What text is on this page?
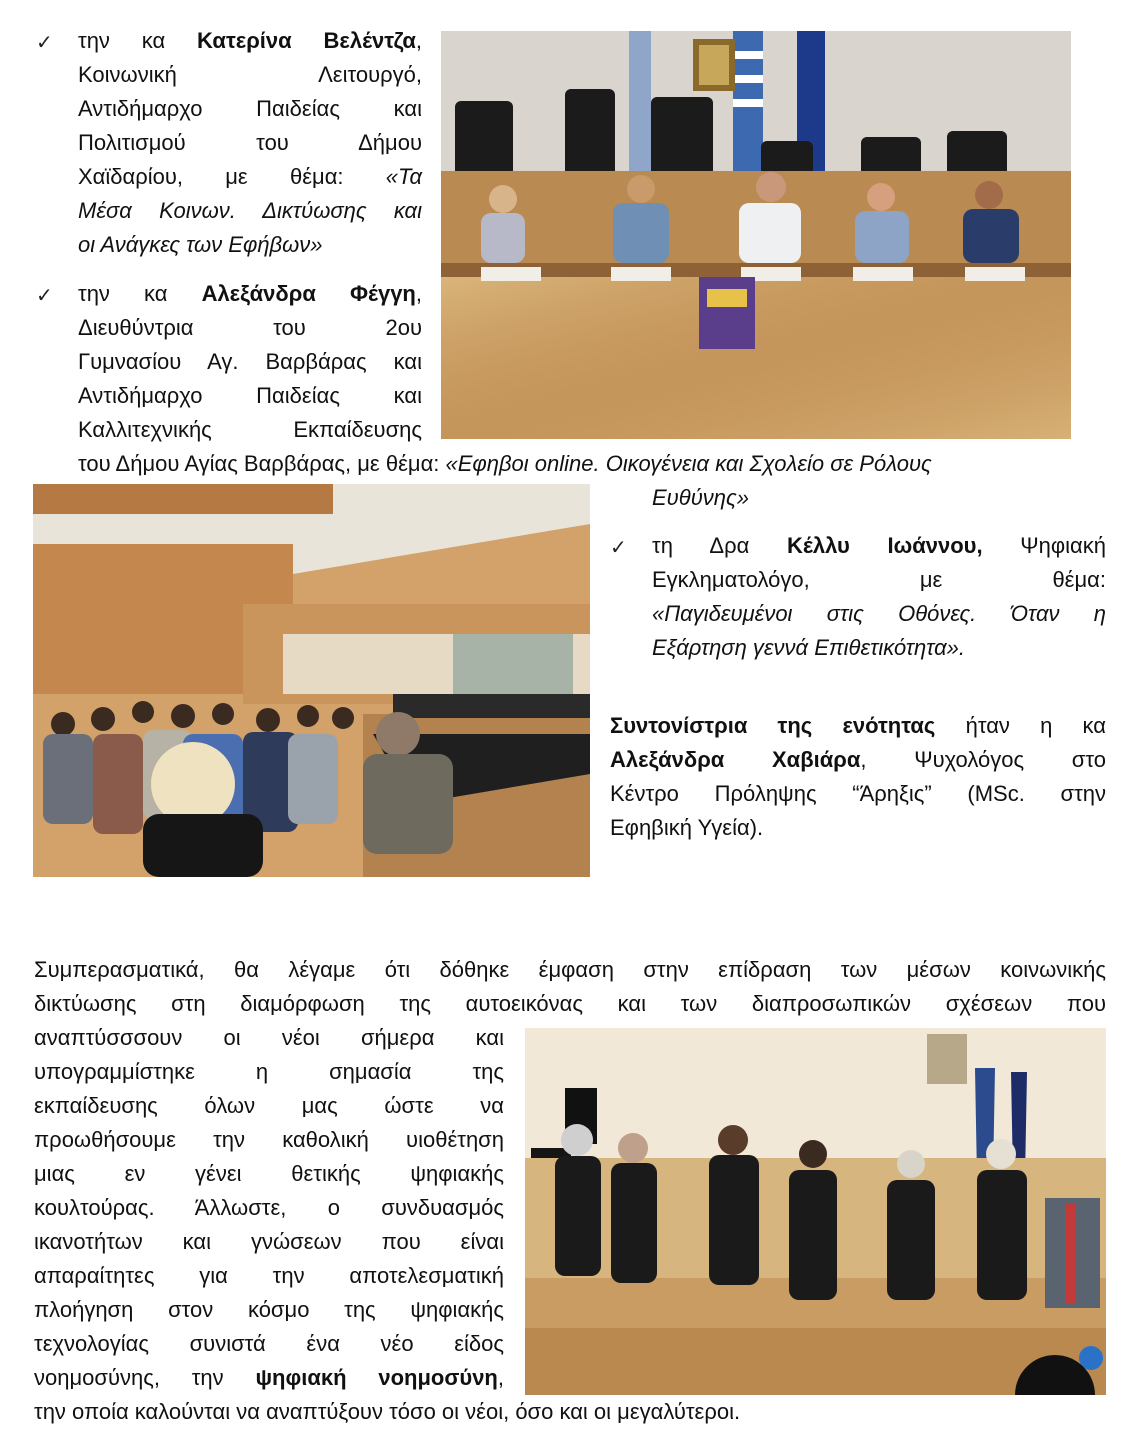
✓ την κα Κατερίνα Βελέντζα,
Κοινωνική Λειτουργό,
Αντιδήμαρχο Παιδείας και
Πολιτισμού του Δήμου
Χαϊδαρίου, με θέμα: «Τα
Μέσα Κοινων. Δικτύωσης και
οι Ανάγκες των Εφήβων»
✓ την κα Αλεξάνδρα Φέγγη,
Διευθύντρια του 2ου
Γυμνασίου Αγ. Βαρβάρας και
Αντιδήμαρχο Παιδείας και
Καλλιτεχνικής Εκπαίδευσης
του Δήμου Αγίας Βαρβάρας, με θέμα: «Εφηβοι online. Οικογένεια και Σχολείο σε Ρόλους
Ευθύνης»
✓ τη Δρα Κέλλυ Ιωάννου, Ψηφιακή
Εγκληματολόγο, με θέμα:
«Παγιδευμένοι στις Οθόνες. Όταν η
Εξάρτηση γεννά Επιθετικότητα».
Συντονίστρια της ενότητας ήταν η κα
Αλεξάνδρα Χαβιάρα, Ψυχολόγος στο
Κέντρο Πρόληψης “Άρηξις” (MSc. στην
Εφηβική Υγεία).
Συμπερασματικά, θα λέγαμε ότι δόθηκε έμφαση στην επίδραση των μέσων κοινωνικής
δικτύωσης στη διαμόρφωση της αυτοεικόνας και των διαπροσωπικών σχέσεων που
αναπτύσσσουν οι νέοι σήμερα και
υπογραμμίστηκε η σημασία της
εκπαίδευσης όλων μας ώστε να
προωθήσουμε την καθολική υιοθέτηση
μιας εν γένει θετικής ψηφιακής
κουλτούρας. Άλλωστε, ο συνδυασμός
ικανοτήτων και γνώσεων που είναι
απαραίτητες για την αποτελεσματική
πλοήγηση στον κόσμο της ψηφιακής
τεχνολογίας συνιστά ένα νέο είδος
νοημοσύνης, την ψηφιακή νοημοσύνη,
την οποία καλούνται να αναπτύξουν τόσο οι νέοι, όσο και οι μεγαλύτεροι.
